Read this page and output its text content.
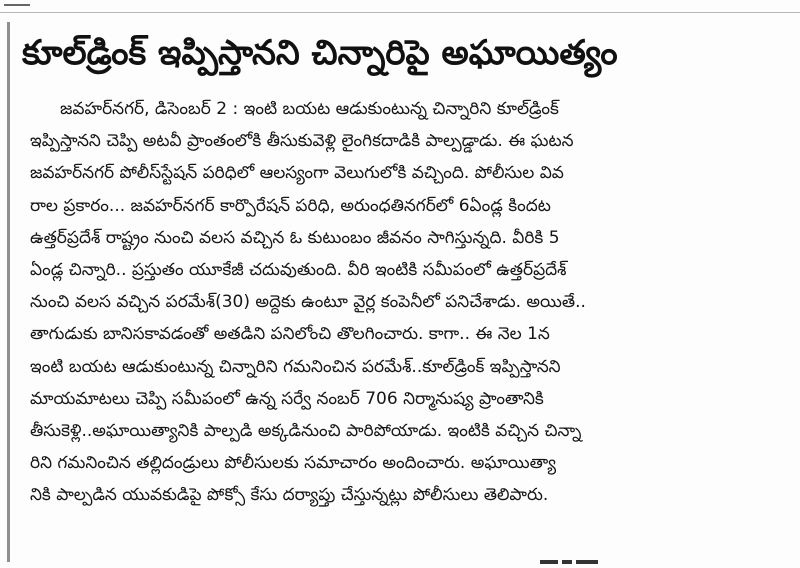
కూల్‌డ్రింక్ ఇప్పిస్తానని చిన్నారిపై అఘాయిత్యం
జవహర్‌నగర్, డిసెంబర్ 2 : ఇంటి బయట ఆడుకుంటున్న చిన్నారిని కూల్‌డ్రింక్
ఇప్పిస్తానని చెప్పి అటవీ ప్రాంతంలోకి తీసుకువెళ్లి లైంగికదాడికి పాల్పడ్డాడు. ఈ ఘటన
జవహర్‌నగర్ పోలీస్‌స్టేషన్ పరిధిలో ఆలస్యంగా వెలుగులోకి వచ్చింది. పోలీసుల వివ
రాల ప్రకారం... జవహర్‌నగర్ కార్పొరేషన్ పరిధి, అరుంధతినగర్‌లో 6ఏండ్ల కిందట
ఉత్తర్‌ప్రదేశ్ రాష్ట్రం నుంచి వలస వచ్చిన ఓ కుటుంబం జీవనం సాగిస్తున్నది. వీరికి 5
ఏండ్ల చిన్నారి.. ప్రస్తుతం యూకేజీ చదువుతుంది. వీరి ఇంటికి సమీపంలో ఉత్తర్‌ప్రదేశ్
నుంచి వలస వచ్చిన పరమేశ్(30) అద్దెకు ఉంటూ వైర్ల కంపెనీలో పనిచేశాడు. అయితే..
తాగుడుకు బానిసకావడంతో అతడిని పనిలోంచి తొలగించారు. కాగా.. ఈ నెల 1న
ఇంటి బయట ఆడుకుంటున్న చిన్నారిని గమనించిన పరమేశ్..కూల్‌డ్రింక్ ఇప్పిస్తానని
మాయమాటలు చెప్పి సమీపంలో ఉన్న సర్వే నంబర్ 706 నిర్మానుష్య ప్రాంతానికి
తీసుకెళ్లి..అఘాయిత్యానికి పాల్పడి అక్కడినుంచి పారిపోయాడు. ఇంటికి వచ్చిన చిన్నా
రిని గమనించిన తల్లిదండ్రులు పోలీసులకు సమాచారం అందించారు. అఘాయిత్యా
నికి పాల్పడిన యువకుడిపై పోక్సో కేసు దర్యాప్తు చేస్తున్నట్లు పోలీసులు తెలిపారు.
